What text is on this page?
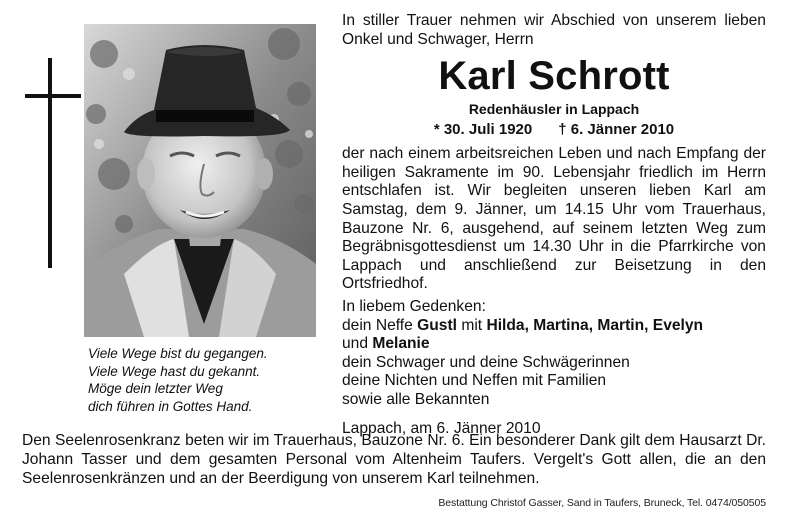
Viele Wege bist du gegangen.
Viele Wege hast du gekannt.
Möge dein letzter Weg
dich führen in Gottes Hand.

In stiller Trauer nehmen wir Abschied von unserem lieben Onkel und Schwager, Herrn

Karl Schrott
Redenhäusler in Lappach
* 30. Juli 1920 † 6. Jänner 2010

der nach einem arbeitsreichen Leben und nach Empfang der heiligen Sakramente im 90. Lebensjahr friedlich im Herrn entschlafen ist. Wir begleiten unseren lieben Karl am Samstag, dem 9. Jänner, um 14.15 Uhr vom Trauerhaus, Bauzone Nr. 6, ausgehend, auf seinem letzten Weg zum Begräbnisgottesdienst um 14.30 Uhr in die Pfarrkirche von Lappach und anschließend zur Beisetzung in den Ortsfriedhof.

In liebem Gedenken:
dein Neffe Gustl mit Hilda, Martina, Martin, Evelyn
und Melanie
dein Schwager und deine Schwägerinnen
deine Nichten und Neffen mit Familien
sowie alle Bekannten
Lappach, am 6. Jänner 2010

Den Seelenrosenkranz beten wir im Trauerhaus, Bauzone Nr. 6. Ein besonderer Dank gilt dem Hausarzt Dr. Johann Tasser und dem gesamten Personal vom Altenheim Taufers. Vergelt's Gott allen, die an den Seelenrosenkränzen und an der Beerdigung von unserem Karl teilnehmen.

Bestattung Christof Gasser, Sand in Taufers, Bruneck, Tel. 0474/050505
